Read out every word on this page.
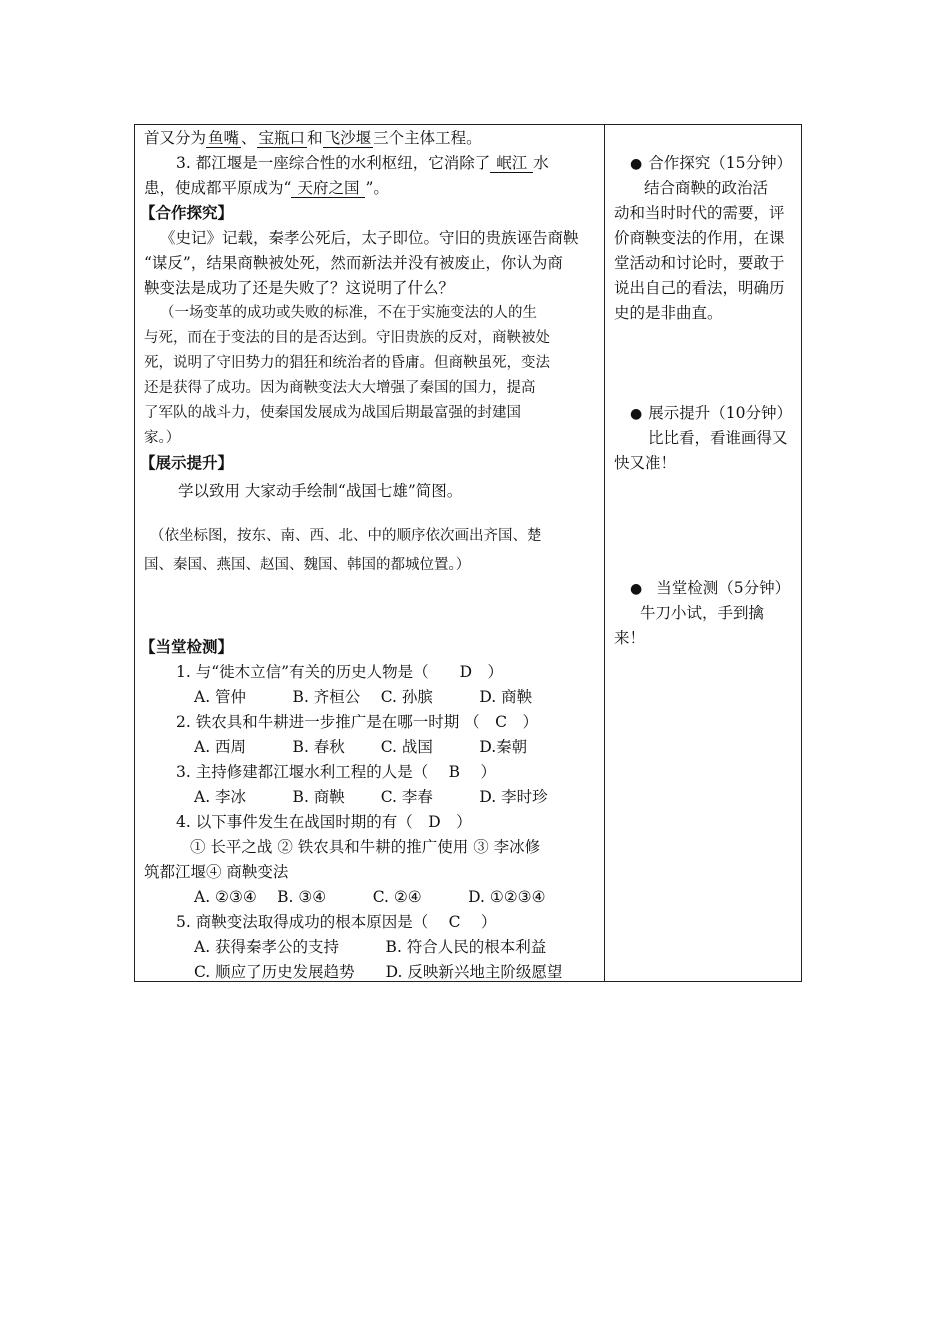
首又分为 鱼嘴 、 宝瓶口 和 飞沙堰 三个主体工程。
3. 都江堰是一座综合性的水利枢纽，它消除了 岷江 水
患，使成都平原成为“ 天府之国 ”。
【合作探究】
《史记》记载，秦孝公死后，太子即位。守旧的贵族诬告商鞅
“谋反”，结果商鞅被处死，然而新法并没有被废止，你认为商
鞅变法是成功了还是失败了？这说明了什么？
（一场变革的成功或失败的标准，不在于实施变法的人的生
与死，而在于变法的目的是否达到。守旧贵族的反对，商鞅被处
死，说明了守旧势力的猖狂和统治者的昏庸。但商鞅虽死，变法
还是获得了成功。因为商鞅变法大大增强了秦国的国力，提高
了军队的战斗力，使秦国发展成为战国后期最富强的封建国
家。）
【展示提升】
学以致用 大家动手绘制“战国七雄”简图。
（依坐标图，按东、南、西、北、中的顺序依次画出齐国、楚
国、秦国、燕国、赵国、魏国、韩国的都城位置。）
【当堂检测】
1. 与“徙木立信”有关的历史人物是（　　D　）
A. 管仲　　　B. 齐桓公　 C. 孙膑　　　D. 商鞅
2. 铁农具和牛耕进一步推广是在哪一时期 （　C　）
A. 西周　　　B. 春秋　　 C. 战国　　　D.秦朝
3. 主持修建都江堰水利工程的人是（　 B　 ）
A. 李冰　　　B. 商鞅　　 C. 李春　　　D. 李时珍
4. 以下事件发生在战国时期的有（　D　）
① 长平之战 ② 铁农具和牛耕的推广使用 ③ 李冰修
筑都江堰④ 商鞅变法
A. ②③④　 B. ③④　　　C. ②④　　　D. ①②③④
5. 商鞅变法取得成功的根本原因是（　 C　 ）
A. 获得秦孝公的支持　　　B. 符合人民的根本利益
C. 顺应了历史发展趋势　　D. 反映新兴地主阶级愿望
● 合作探究（15分钟）
结合商鞅的政治活
动和当时时代的需要，评
价商鞅变法的作用，在课
堂活动和讨论时，要敢于
说出自己的看法，明确历
史的是非曲直。
● 展示提升（10分钟）
比比看，看谁画得又
快又准！
● 当堂检测（5分钟）
牛刀小试，手到擒
来！
